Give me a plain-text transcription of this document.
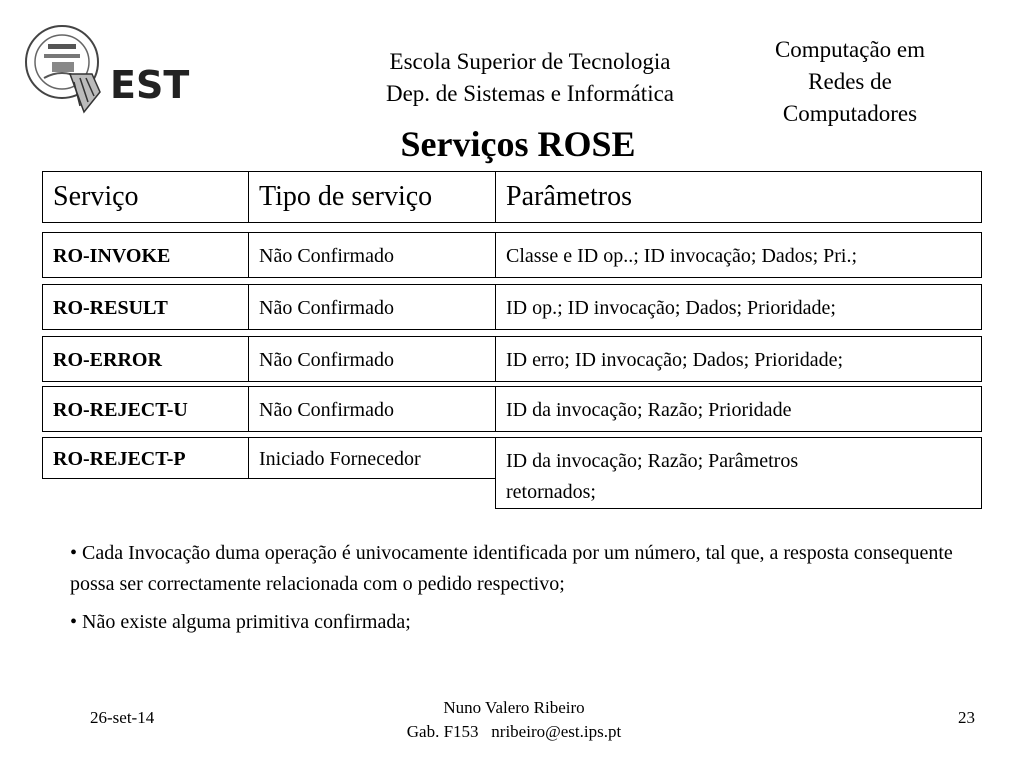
EST
Escola Superior de Tecnologia
Dep. de Sistemas e Informática
Computação em
Redes de
Computadores
Serviços ROSE
Serviço	Tipo de serviço	Parâmetros
RO-INVOKE	Não Confirmado	Classe e ID op..; ID invocação; Dados; Pri.;
RO-RESULT	Não Confirmado	ID op.; ID invocação; Dados; Prioridade;
RO-ERROR	Não Confirmado	ID erro; ID invocação; Dados; Prioridade;
RO-REJECT-U	Não Confirmado	ID da invocação; Razão; Prioridade
RO-REJECT-P	Iniciado Fornecedor	ID da invocação; Razão; Parâmetros retornados;

• Cada Invocação duma operação é univocamente identificada por um número, tal que, a resposta consequente possa ser correctamente relacionada com o pedido respectivo;

• Não existe alguma primitiva confirmada;

26-set-14
Nuno Valero Ribeiro
Gab. F153   nribeiro@est.ips.pt
23
